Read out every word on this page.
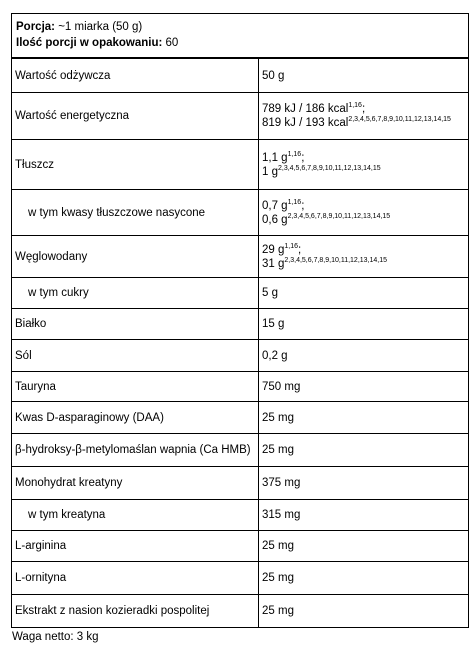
Porcja: ~1 miarka (50 g)
Ilość porcji w opakowaniu: 60
Wartość odżywcza	50 g
Wartość energetyczna	789 kJ / 186 kcal$^{1,16}$;
819 kJ / 193 kcal$^{2,3,4,5,6,7,8,9,10,11,12,13,14,15}$
Tłuszcz	1,1 $g^{1,16}$;
1 $g^{2,3,4,5,6,7,8,9,10,11,12,13,14,15}$
w tym kwasy tłuszczowe nasycone	0,7 $g^{1,16}$;
0,6 $g^{2,3,4,5,6,7,8,9,10,11,12,13,14,15}$
Węglowodany	29 $g^{1,16}$;
31 $g^{2,3,4,5,6,7,8,9,10,11,12,13,14,15}$
w tym cukry	5 g
Białko	15 g
Sól	0,2 g
Tauryna	750 mg
Kwas D-asparaginowy (DAA)	25 mg
β-hydroksy-β-metylomaślan wapnia (Ca HMB)	25 mg
Monohydrat kreatyny	375 mg
w tym kreatyna	315 mg
L-arginina	25 mg
L-ornityna	25 mg
Ekstrakt z nasion kozieradki pospolitej	25 mg
Waga netto: 3 kg
